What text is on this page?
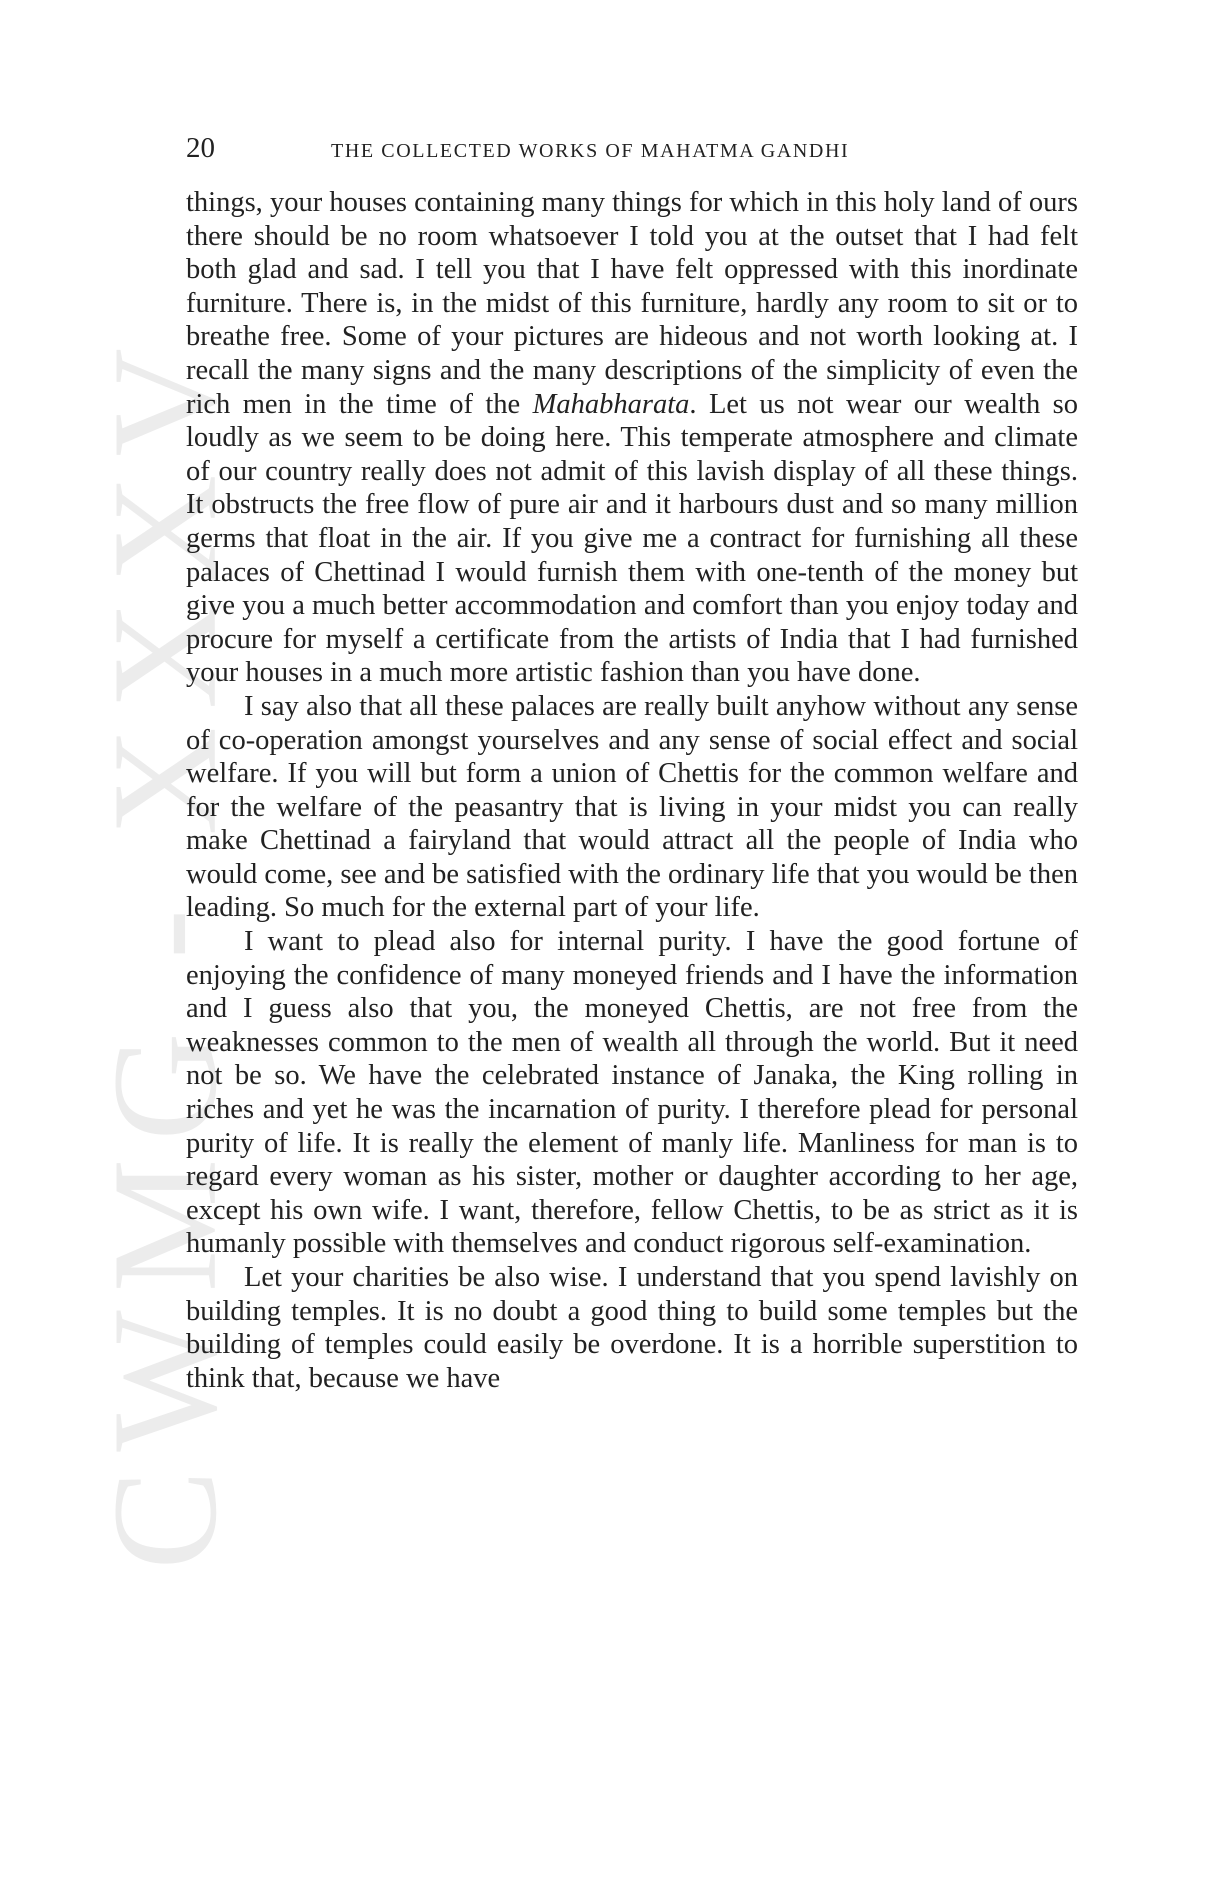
CWMG - XXXV
20	THE COLLECTED WORKS OF MAHATMA GANDHI

things, your houses containing many things for which in this holy land of ours there should be no room whatsoever I told you at the outset that I had felt both glad and sad. I tell you that I have felt oppressed with this inordinate furniture. There is, in the midst of this furniture, hardly any room to sit or to breathe free. Some of your pictures are hideous and not worth looking at. I recall the many signs and the many descriptions of the simplicity of even the rich men in the time of the Mahabharata. Let us not wear our wealth so loudly as we seem to be doing here. This temperate atmosphere and climate of our country really does not admit of this lavish display of all these things. It obstructs the free flow of pure air and it harbours dust and so many million germs that float in the air. If you give me a contract for furnishing all these palaces of Chettinad I would furnish them with one-tenth of the money but give you a much better accommodation and comfort than you enjoy today and procure for myself a certificate from the artists of India that I had furnished your houses in a much more artistic fashion than you have done.

I say also that all these palaces are really built anyhow without any sense of co-operation amongst yourselves and any sense of social effect and social welfare. If you will but form a union of Chettis for the common welfare and for the welfare of the peasantry that is living in your midst you can really make Chettinad a fairyland that would attract all the people of India who would come, see and be satisfied with the ordinary life that you would be then leading. So much for the external part of your life.

I want to plead also for internal purity. I have the good fortune of enjoying the confidence of many moneyed friends and I have the information and I guess also that you, the moneyed Chettis, are not free from the weaknesses common to the men of wealth all through the world. But it need not be so. We have the celebrated instance of Janaka, the King rolling in riches and yet he was the incarnation of purity. I therefore plead for personal purity of life. It is really the element of manly life. Manliness for man is to regard every woman as his sister, mother or daughter according to her age, except his own wife. I want, therefore, fellow Chettis, to be as strict as it is humanly possible with themselves and conduct rigorous self-examination.

Let your charities be also wise. I understand that you spend lavishly on building temples. It is no doubt a good thing to build some temples but the building of temples could easily be overdone. It is a horrible superstition to think that, because we have
